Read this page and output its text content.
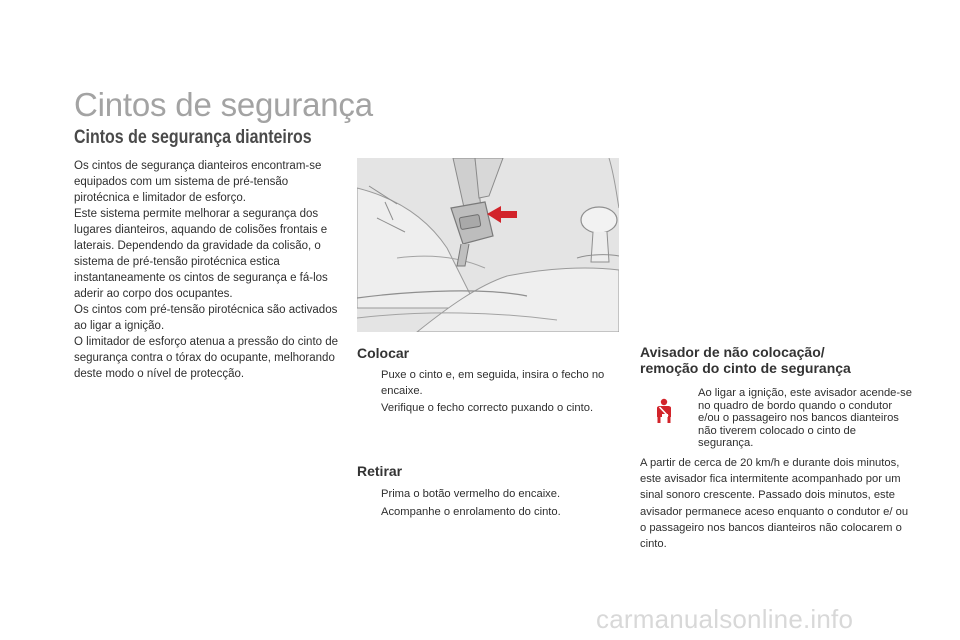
Cintos de segurança
Cintos de segurança dianteiros

Os cintos de segurança dianteiros encontram-se equipados com um sistema de pré-tensão pirotécnica e limitador de esforço.

Este sistema permite melhorar a segurança dos lugares dianteiros, aquando de colisões frontais e laterais. Dependendo da gravidade da colisão, o sistema de pré-tensão pirotécnica estica instantaneamente os cintos de segurança e fá-los aderir ao corpo dos ocupantes.

Os cintos com pré-tensão pirotécnica são activados ao ligar a ignição.

O limitador de esforço atenua a pressão do cinto de segurança contra o tórax do ocupante, melhorando deste modo o nível de protecção.

Colocar
Puxe o cinto e, em seguida, insira o fecho no encaixe.
Verifique o fecho correcto puxando o cinto.
Retirar
Prima o botão vermelho do encaixe.
Acompanhe o enrolamento do cinto.
Avisador de não colocação/
remoção do cinto de segurança
Ao ligar a ignição, este avisador acende-se no quadro de bordo quando o condutor e/ou o passageiro nos bancos dianteiros não tiverem colocado o cinto de segurança.
A partir de cerca de 20 km/h e durante dois minutos, este avisador fica intermitente acompanhado por um sinal sonoro crescente. Passado dois minutos, este avisador permanece aceso enquanto o condutor e/ ou o passageiro nos bancos dianteiros não colocarem o cinto.

carmanualsonline.info
